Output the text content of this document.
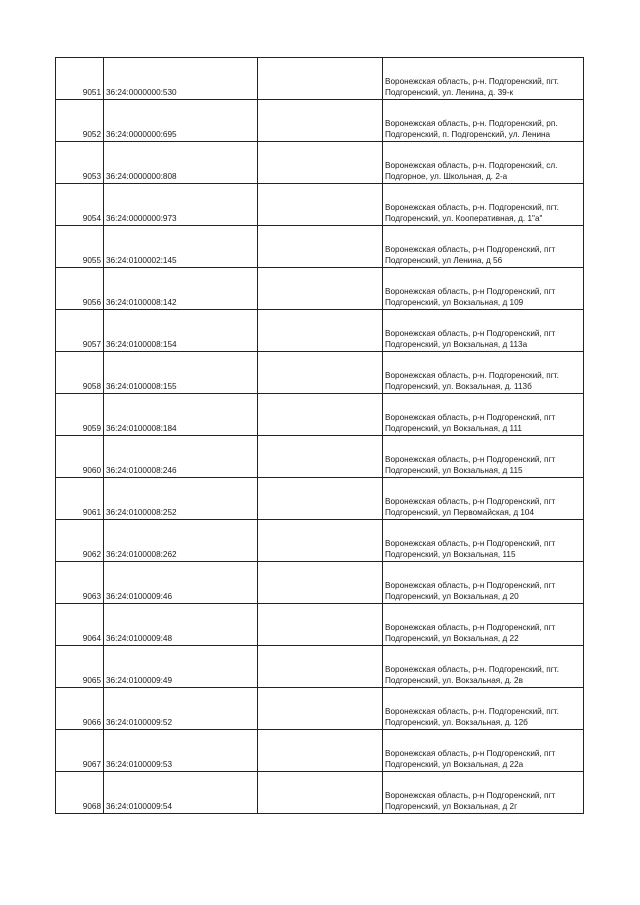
9051	36:24:0000000:530		Воронежская область, р-н. Подгоренский, пгт. Подгоренский, ул. Ленина, д. 39-к
9052	36:24:0000000:695		Воронежская область, р-н. Подгоренский, рп. Подгоренский, п. Подгоренский, ул. Ленина
9053	36:24:0000000:808		Воронежская область, р-н. Подгоренский, сл. Подгорное, ул. Школьная, д. 2-а
9054	36:24:0000000:973		Воронежская область, р-н. Подгоренский, пгт. Подгоренский, ул. Кооперативная, д. 1"а"
9055	36:24:0100002:145		Воронежская область, р-н Подгоренский, пгт Подгоренский, ул Ленина, д 56
9056	36:24:0100008:142		Воронежская область, р-н Подгоренский, пгт Подгоренский, ул Вокзальная, д 109
9057	36:24:0100008:154		Воронежская область, р-н Подгоренский, пгт Подгоренский, ул Вокзальная, д 113а
9058	36:24:0100008:155		Воронежская область, р-н. Подгоренский, пгт. Подгоренский, ул. Вокзальная, д. 113б
9059	36:24:0100008:184		Воронежская область, р-н Подгоренский, пгт Подгоренский, ул Вокзальная, д 111
9060	36:24:0100008:246		Воронежская область, р-н Подгоренский, пгт Подгоренский, ул Вокзальная, д 115
9061	36:24:0100008:252		Воронежская область, р-н Подгоренский, пгт Подгоренский, ул Первомайская, д 104
9062	36:24:0100008:262		Воронежская область, р-н Подгоренский, пгт Подгоренский, ул Вокзальная, 115
9063	36:24:0100009:46		Воронежская область, р-н Подгоренский, пгт Подгоренский, ул Вокзальная, д 20
9064	36:24:0100009:48		Воронежская область, р-н Подгоренский, пгт Подгоренский, ул Вокзальная, д 22
9065	36:24:0100009:49		Воронежская область, р-н. Подгоренский, пгт. Подгоренский, ул. Вокзальная, д. 2в
9066	36:24:0100009:52		Воронежская область, р-н. Подгоренский, пгт. Подгоренский, ул. Вокзальная, д. 12б
9067	36:24:0100009:53		Воронежская область, р-н Подгоренский, пгт Подгоренский, ул Вокзальная, д 22а
9068	36:24:0100009:54		Воронежская область, р-н Подгоренский, пгт Подгоренский, ул Вокзальная, д 2г
